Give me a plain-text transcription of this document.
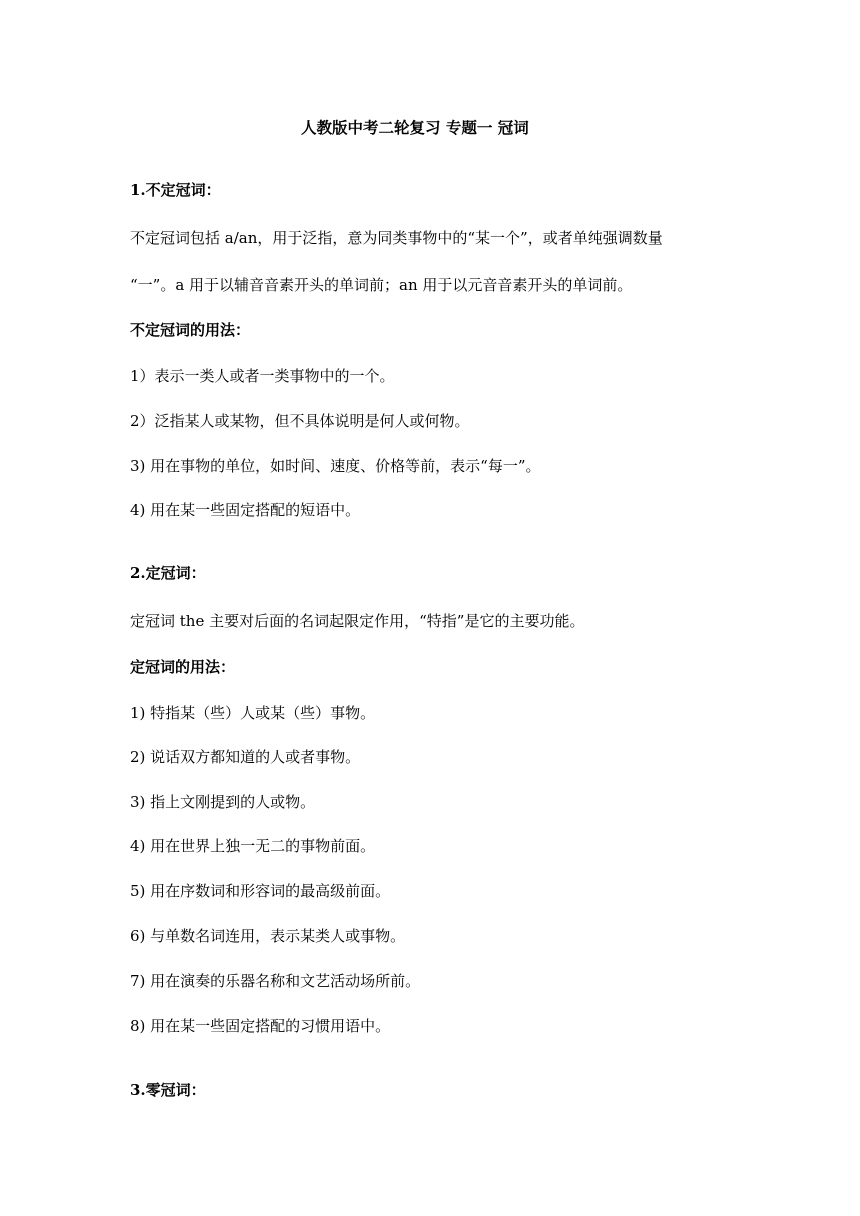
人教版中考二轮复习 专题一 冠词
1.不定冠词：
不定冠词包括 a/an，用于泛指，意为同类事物中的“某一个”，或者单纯强调数量
“一”。a 用于以辅音音素开头的单词前；an 用于以元音音素开头的单词前。
不定冠词的用法：
1）表示一类人或者一类事物中的一个。
2）泛指某人或某物，但不具体说明是何人或何物。
3) 用在事物的单位，如时间、速度、价格等前，表示“每一”。
4) 用在某一些固定搭配的短语中。
2.定冠词：
定冠词 the 主要对后面的名词起限定作用，“特指”是它的主要功能。
定冠词的用法：
1) 特指某（些）人或某（些）事物。
2) 说话双方都知道的人或者事物。
3) 指上文刚提到的人或物。
4) 用在世界上独一无二的事物前面。
5) 用在序数词和形容词的最高级前面。
6) 与单数名词连用，表示某类人或事物。
7) 用在演奏的乐器名称和文艺活动场所前。
8) 用在某一些固定搭配的习惯用语中。
3.零冠词：
